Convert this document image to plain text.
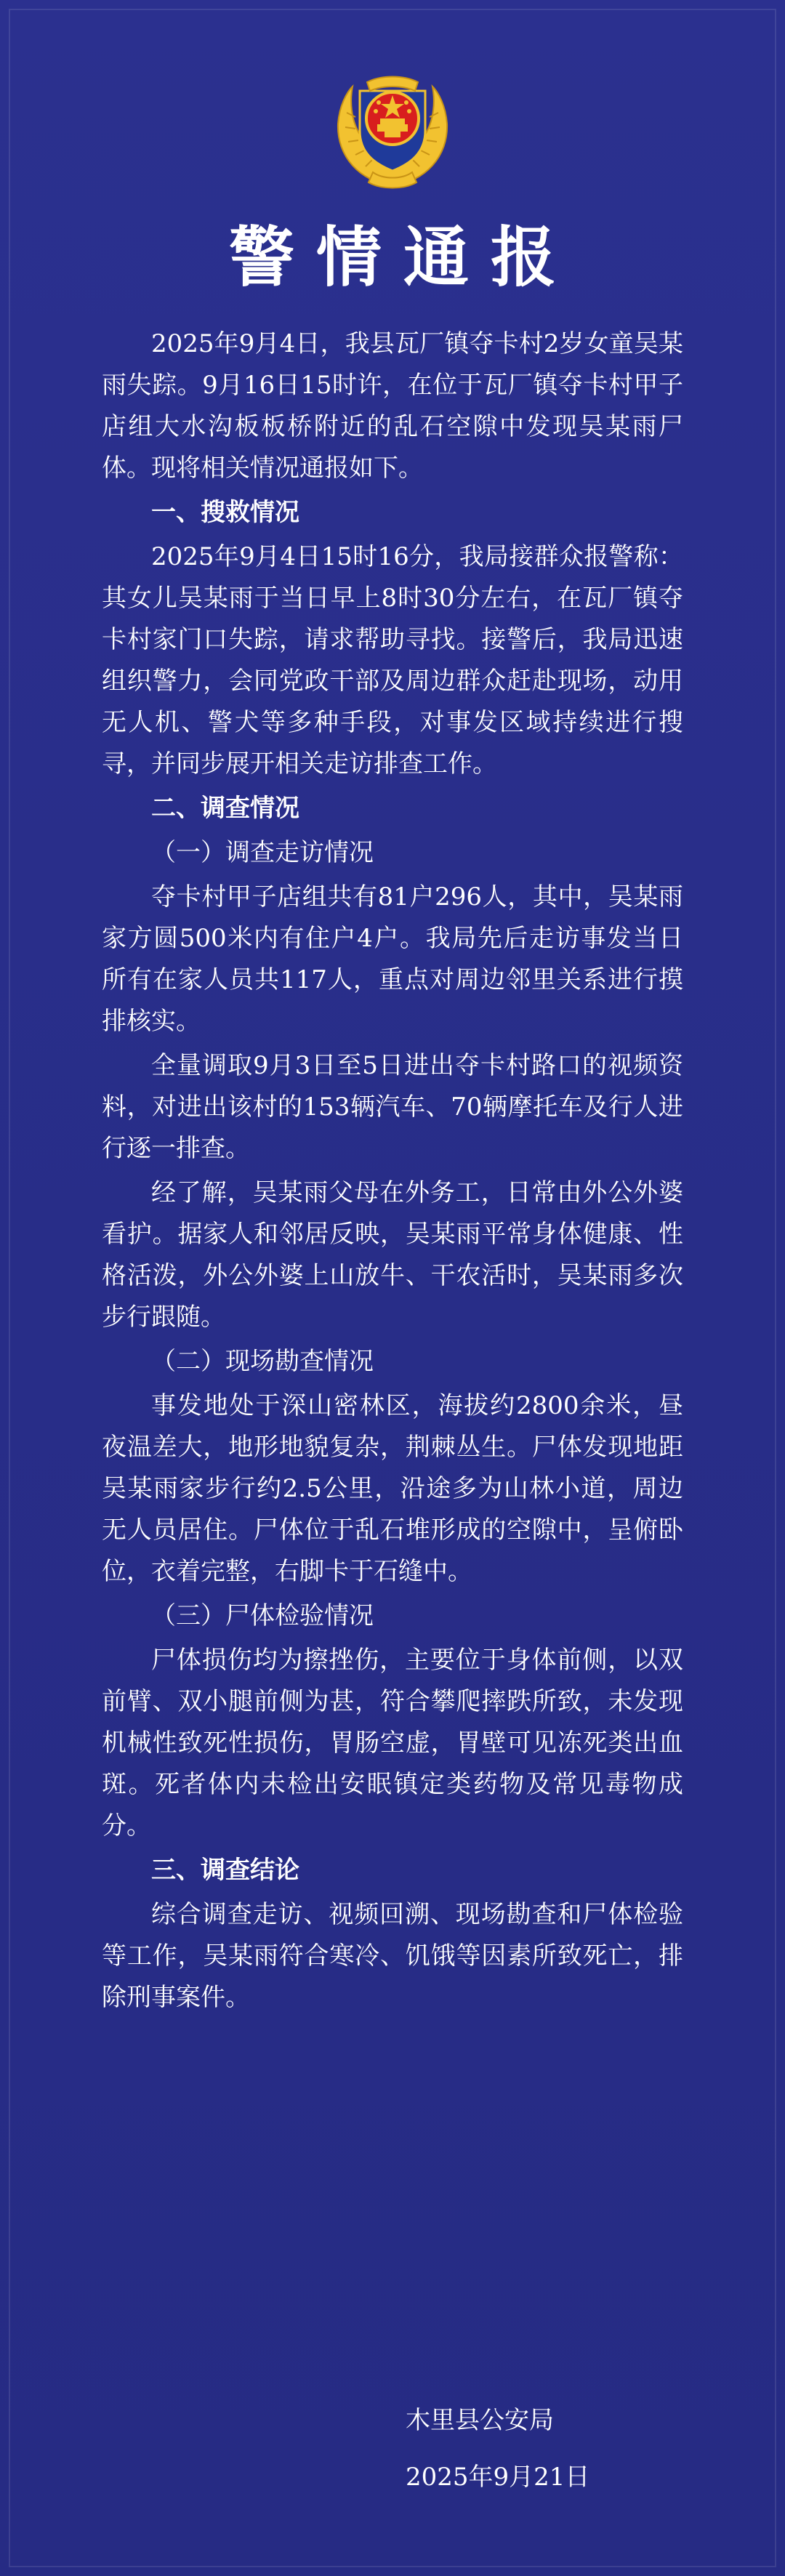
警情通报

2025年9月4日，我县瓦厂镇夺卡村2岁女童吴某雨失踪。9月16日15时许，在位于瓦厂镇夺卡村甲子店组大水沟板板桥附近的乱石空隙中发现吴某雨尸体。现将相关情况通报如下。

一、搜救情况

2025年9月4日15时16分，我局接群众报警称：其女儿吴某雨于当日早上8时30分左右，在瓦厂镇夺卡村家门口失踪，请求帮助寻找。接警后，我局迅速组织警力，会同党政干部及周边群众赶赴现场，动用无人机、警犬等多种手段，对事发区域持续进行搜寻，并同步展开相关走访排查工作。

二、调查情况

（一）调查走访情况

夺卡村甲子店组共有81户296人，其中，吴某雨家方圆500米内有住户4户。我局先后走访事发当日所有在家人员共117人，重点对周边邻里关系进行摸排核实。

全量调取9月3日至5日进出夺卡村路口的视频资料，对进出该村的153辆汽车、70辆摩托车及行人进行逐一排查。

经了解，吴某雨父母在外务工，日常由外公外婆看护。据家人和邻居反映，吴某雨平常身体健康、性格活泼，外公外婆上山放牛、干农活时，吴某雨多次步行跟随。

（二）现场勘查情况

事发地处于深山密林区，海拔约2800余米，昼夜温差大，地形地貌复杂，荆棘丛生。尸体发现地距吴某雨家步行约2.5公里，沿途多为山林小道，周边无人员居住。尸体位于乱石堆形成的空隙中，呈俯卧位，衣着完整，右脚卡于石缝中。

（三）尸体检验情况

尸体损伤均为擦挫伤，主要位于身体前侧，以双前臂、双小腿前侧为甚，符合攀爬摔跌所致，未发现机械性致死性损伤，胃肠空虚，胃壁可见冻死类出血斑。死者体内未检出安眠镇定类药物及常见毒物成分。

三、调查结论

综合调查走访、视频回溯、现场勘查和尸体检验等工作，吴某雨符合寒冷、饥饿等因素所致死亡，排除刑事案件。

木里县公安局
2025年9月21日
